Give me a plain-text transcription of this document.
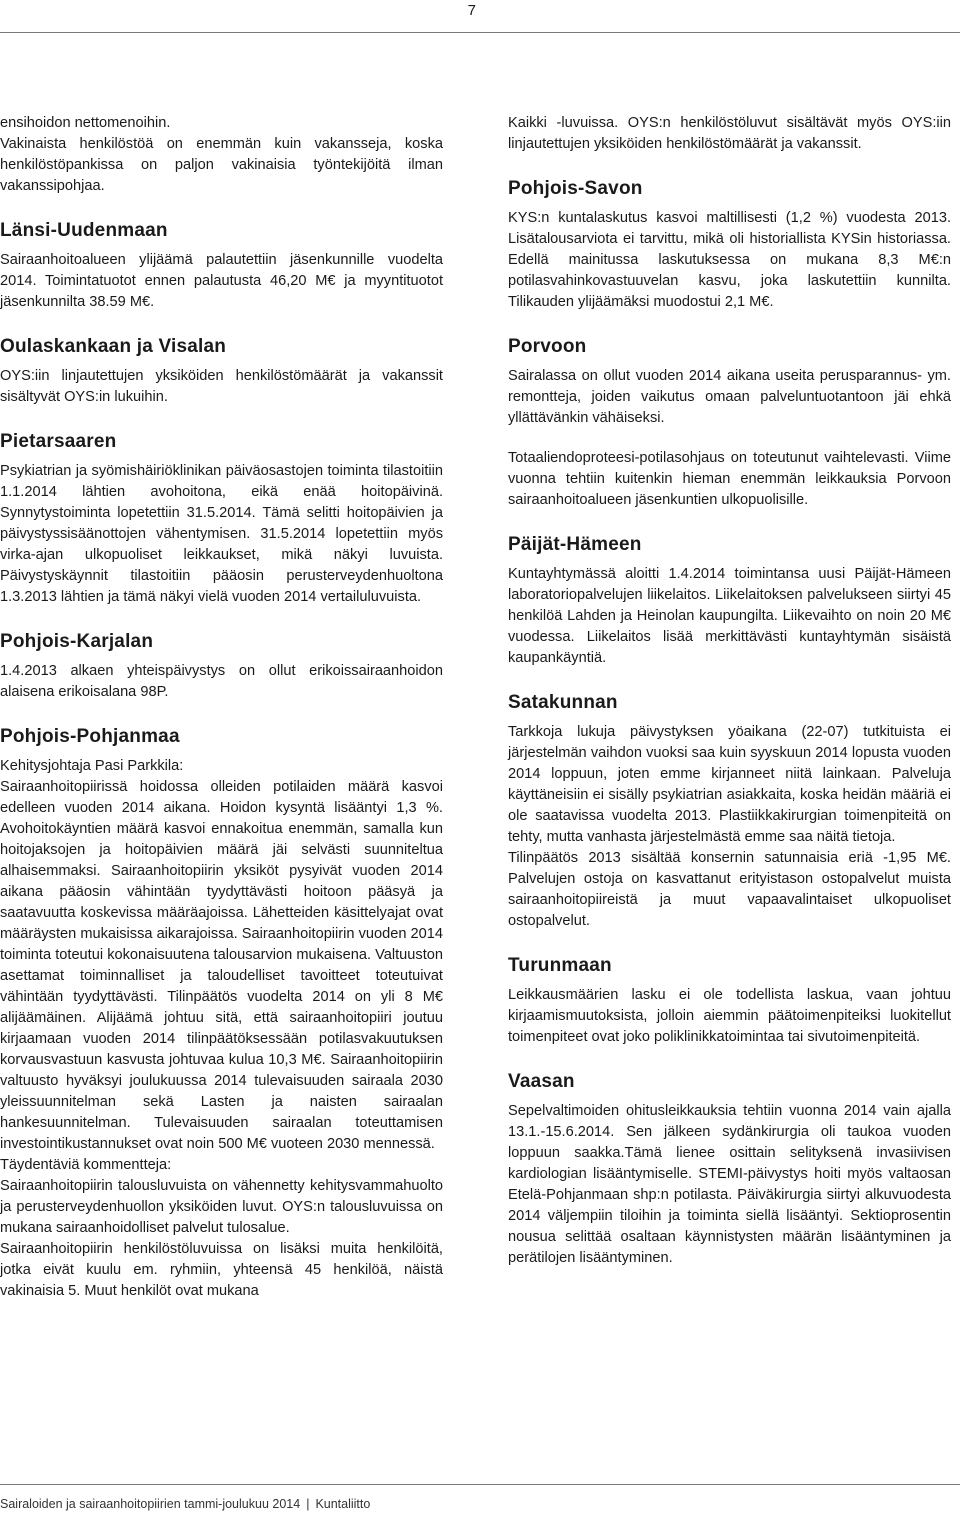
7

ensihoidon nettomenoihin.

Vakinaista henkilöstöä on enemmän kuin vakansseja, koska henkilöstöpankissa on paljon vakinaisia työntekijöitä ilman vakanssipohjaa.

Länsi-Uudenmaan

Sairaanhoitoalueen ylijäämä palautettiin jäsenkunnille vuodelta 2014. Toimintatuotot ennen palautusta 46,20 M€ ja myyntituotot jäsenkunnilta 38.59 M€.

Oulaskankaan ja Visalan

OYS:iin linjautettujen yksiköiden henkilöstömäärät ja vakanssit sisältyvät OYS:in lukuihin.

Pietarsaaren

Psykiatrian ja syömishäiriöklinikan päiväosastojen toiminta tilastoitiin 1.1.2014 lähtien avohoitona, eikä enää hoitopäivinä. Synnytystoiminta lopetettiin 31.5.2014. Tämä selitti hoitopäivien ja päivystyssisäänottojen vähentymisen. 31.5.2014 lopetettiin myös virka-ajan ulkopuoliset leikkaukset, mikä näkyi luvuista. Päivystyskäynnit tilastoitiin pääosin perusterveydenhuoltona 1.3.2013 lähtien ja tämä näkyi vielä vuoden 2014 vertailuluvuista.

Pohjois-Karjalan

1.4.2013 alkaen yhteispäivystys on ollut erikoissairaanhoidon alaisena erikoisalana 98P.

Pohjois-Pohjanmaa

Kehitysjohtaja Pasi Parkkila:

Sairaanhoitopiirissä hoidossa olleiden potilaiden määrä kasvoi edelleen vuoden 2014 aikana. Hoidon kysyntä lisääntyi 1,3 %. Avohoitokäyntien määrä kasvoi ennakoitua enemmän, samalla kun hoitojaksojen ja hoitopäivien määrä jäi selvästi suunniteltua alhaisemmaksi. Sairaanhoitopiirin yksiköt pysyivät vuoden 2014 aikana pääosin vähintään tyydyttävästi hoitoon pääsyä ja saatavuutta koskevissa määräajoissa. Lähetteiden käsittelyajat ovat määräysten mukaisissa aikarajoissa. Sairaanhoitopiirin vuoden 2014 toiminta toteutui kokonaisuutena talousarvion mukaisena. Valtuuston asettamat toiminnalliset ja taloudelliset tavoitteet toteutuivat vähintään tyydyttävästi. Tilinpäätös vuodelta 2014 on yli 8 M€ alijäämäinen. Alijäämä johtuu sitä, että sairaanhoitopiiri joutuu kirjaamaan vuoden 2014 tilinpäätöksessään potilasvakuutuksen korvausvastuun kasvusta johtuvaa kulua 10,3 M€. Sairaanhoitopiirin valtuusto hyväksyi joulukuussa 2014 tulevaisuuden sairaala 2030 yleissuunnitelman sekä Lasten ja naisten sairaalan hankesuunnitelman. Tulevaisuuden sairaalan toteuttamisen investointikustannukset ovat noin 500 M€ vuoteen 2030 mennessä.

Täydentäviä kommentteja:

Sairaanhoitopiirin talousluvuista on vähennetty kehitysvammahuolto ja perusterveydenhuollon yksiköiden luvut. OYS:n talousluvuissa on mukana sairaanhoidolliset palvelut tulosalue.

Sairaanhoitopiirin henkilöstöluvuissa on lisäksi muita henkilöitä, jotka eivät kuulu em. ryhmiin, yhteensä 45 henkilöä, näistä vakinaisia 5. Muut henkilöt ovat mukana

Kaikki -luvuissa. OYS:n henkilöstöluvut sisältävät myös OYS:iin linjautettujen yksiköiden henkilöstömäärät ja vakanssit.

Pohjois-Savon

KYS:n kuntalaskutus kasvoi maltillisesti (1,2 %) vuodesta 2013. Lisätalousarviota ei tarvittu, mikä oli historiallista KYSin historiassa. Edellä mainitussa laskutuksessa on mukana 8,3 M€:n potilasvahinkovastuuvelan kasvu, joka laskutettiin kunnilta. Tilikauden ylijäämäksi muodostui 2,1 M€.

Porvoon

Sairalassa on ollut vuoden 2014 aikana useita perusparannus- ym. remontteja, joiden vaikutus omaan palveluntuotantoon jäi ehkä yllättävänkin vähäiseksi.

Totaaliendoproteesi-potilasohjaus on toteutunut vaihtelevasti. Viime vuonna tehtiin kuitenkin hieman enemmän leikkauksia Porvoon sairaanhoitoalueen jäsenkuntien ulkopuolisille.

Päijät-Hämeen

Kuntayhtymässä aloitti 1.4.2014 toimintansa uusi Päijät-Hämeen laboratoriopalvelujen liikelaitos. Liikelaitoksen palvelukseen siirtyi 45 henkilöä Lahden ja Heinolan kaupungilta. Liikevaihto on noin 20 M€ vuodessa. Liikelaitos lisää merkittävästi kuntayhtymän sisäistä kaupankäyntiä.

Satakunnan

Tarkkoja lukuja päivystyksen yöaikana (22-07) tutkituista ei järjestelmän vaihdon vuoksi saa kuin syyskuun 2014 lopusta vuoden 2014 loppuun, joten emme kirjanneet niitä lainkaan. Palveluja käyttäneisiin ei sisälly psykiatrian asiakkaita, koska heidän määriä ei ole saatavissa vuodelta 2013. Plastiikkakirurgian toimenpiteitä on tehty, mutta vanhasta järjestelmästä emme saa näitä tietoja.

Tilinpäätös 2013 sisältää konsernin satunnaisia eriä -1,95 M€. Palvelujen ostoja on kasvattanut erityistason ostopalvelut muista sairaanhoitopiireistä ja muut vapaavalintaiset ulkopuoliset ostopalvelut.

Turunmaan

Leikkausmäärien lasku ei ole todellista laskua, vaan johtuu kirjaamismuutoksista, jolloin aiemmin päätoimenpiteiksi luokitellut toimenpiteet ovat joko poliklinikkatoimintaa tai sivutoimenpiteitä.

Vaasan

Sepelvaltimoiden ohitusleikkauksia tehtiin vuonna 2014 vain ajalla 13.1.-15.6.2014. Sen jälkeen sydänkirurgia oli taukoa vuoden loppuun saakka.Tämä lienee osittain selityksenä invasiivisen kardiologian lisääntymiselle. STEMI-päivystys hoiti myös valtaosan Etelä-Pohjanmaan shp:n potilasta. Päiväkirurgia siirtyi alkuvuodesta 2014 väljempiin tiloihin ja toiminta siellä lisääntyi. Sektioprosentin nousua selittää osaltaan käynnistysten määrän lisääntyminen ja perätilojen lisääntyminen.

Sairaloiden ja sairaanhoitopiirien tammi-joulukuu 2014 | Kuntaliitto
